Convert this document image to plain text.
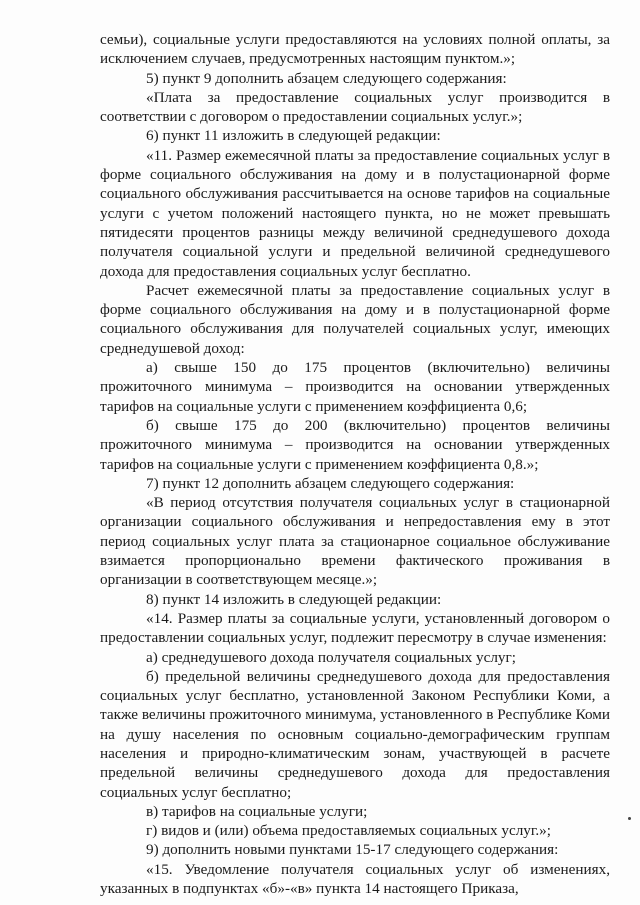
семьи), социальные услуги предоставляются на условиях полной оплаты, за исключением случаев, предусмотренных настоящим пунктом.»;

5) пункт 9 дополнить абзацем следующего содержания:

«Плата за предоставление социальных услуг производится в соответствии с договором о предоставлении социальных услуг.»;

6) пункт 11 изложить в следующей редакции:

«11. Размер ежемесячной платы за предоставление социальных услуг в форме социального обслуживания на дому и в полустационарной форме социального обслуживания рассчитывается на основе тарифов на социальные услуги с учетом положений настоящего пункта, но не может превышать пятидесяти процентов разницы между величиной среднедушевого дохода получателя социальной услуги и предельной величиной среднедушевого дохода для предоставления социальных услуг бесплатно.

Расчет ежемесячной платы за предоставление социальных услуг в форме социального обслуживания на дому и в полустационарной форме социального обслуживания для получателей социальных услуг, имеющих среднедушевой доход:

а) свыше 150 до 175 процентов (включительно) величины прожиточного минимума – производится на основании утвержденных тарифов на социальные услуги с применением коэффициента 0,6;

б) свыше 175 до 200 (включительно) процентов величины прожиточного минимума – производится на основании утвержденных тарифов на социальные услуги с применением коэффициента 0,8.»;

7) пункт 12 дополнить абзацем следующего содержания:

«В период отсутствия получателя социальных услуг в стационарной организации социального обслуживания и непредоставления ему в этот период социальных услуг плата за стационарное социальное обслуживание взимается пропорционально времени фактического проживания в организации в соответствующем месяце.»;

8) пункт 14 изложить в следующей редакции:

«14. Размер платы за социальные услуги, установленный договором о предоставлении социальных услуг, подлежит пересмотру в случае изменения:

а) среднедушевого дохода получателя социальных услуг;

б) предельной величины среднедушевого дохода для предоставления социальных услуг бесплатно, установленной Законом Республики Коми, а также величины прожиточного минимума, установленного в Республике Коми на душу населения по основным социально-демографическим группам населения и природно-климатическим зонам, участвующей в расчете предельной величины среднедушевого дохода для предоставления социальных услуг бесплатно;

в) тарифов на социальные услуги;

г) видов и (или) объема предоставляемых социальных услуг.»;

9) дополнить новыми пунктами 15-17 следующего содержания:

«15. Уведомление получателя социальных услуг об изменениях, указанных в подпунктах «б»-«в» пункта 14 настоящего Приказа,
